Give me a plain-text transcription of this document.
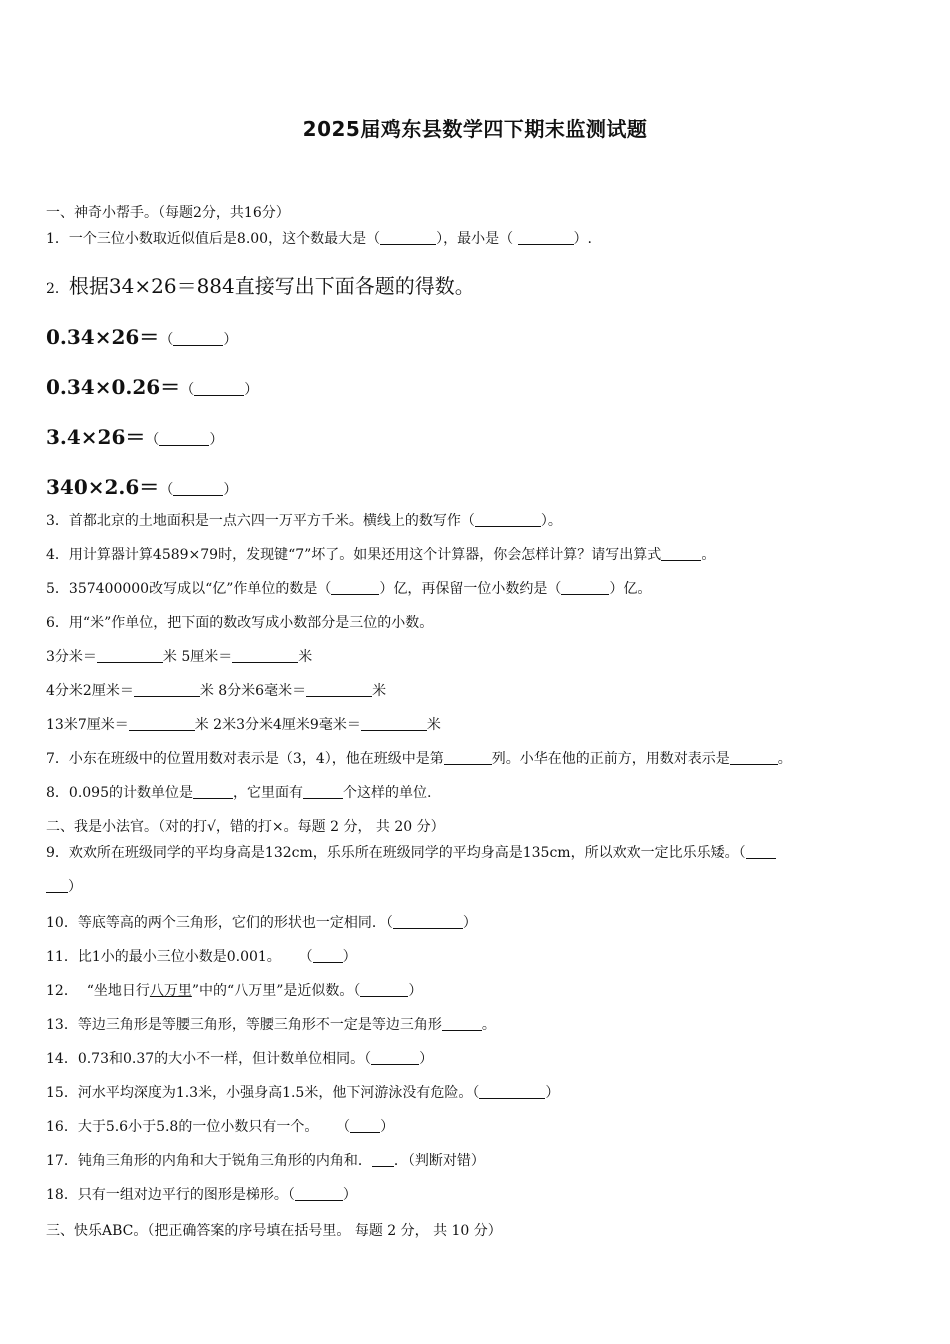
2025届鸡东县数学四下期末监测试题
一、神奇小帮手。（每题2分，共16分）
1．一个三位小数取近似值后是8.00，这个数最大是（	），最小是（	）.
2．根据34×26＝884直接写出下面各题的得数。
0.34×26＝（	）
0.34×0.26＝（	）
3.4×26＝（	）
340×2.6＝（	）
3．首都北京的土地面积是一点六四一万平方千米。横线上的数写作（	）。
4．用计算器计算4589×79时，发现键“7”坏了。如果还用这个计算器，你会怎样计算？请写出算式	。
5．357400000改写成以“亿”作单位的数是（	）亿，再保留一位小数约是（	）亿。
6．用“米”作单位，把下面的数改写成小数部分是三位的小数。
3分米＝	米 5厘米＝	米
4分米2厘米＝	米 8分米6毫米＝	米
13米7厘米＝	米 2米3分米4厘米9毫米＝	米
7．小东在班级中的位置用数对表示是（3，4），他在班级中是第	列。小华在他的正前方，用数对表示是	。
8．0.095的计数单位是	，它里面有	个这样的单位.
二、我是小法官。（对的打√，错的打×。每题 2 分， 共 20 分）
9．欢欢所在班级同学的平均身高是132cm，乐乐所在班级同学的平均身高是135cm，所以欢欢一定比乐乐矮。（
）
10．等底等高的两个三角形，它们的形状也一定相同．（	）
11．比1小的最小三位小数是0.001。    （ ）
12．  “坐地日行八万里”中的“八万里”是近似数。（	）
13．等边三角形是等腰三角形，等腰三角形不一定是等边三角形	。
14．0.73和0.37的大小不一样，但计数单位相同。（	）
15．河水平均深度为1.3米，小强身高1.5米，他下河游泳没有危险。（	）
16．大于5.6小于5.8的一位小数只有一个。    （ ）
17．钝角三角形的内角和大于锐角三角形的内角和． ．（判断对错）
18．只有一组对边平行的图形是梯形。（	）
三、快乐ABC。（把正确答案的序号填在括号里。 每题 2 分， 共 10 分）
